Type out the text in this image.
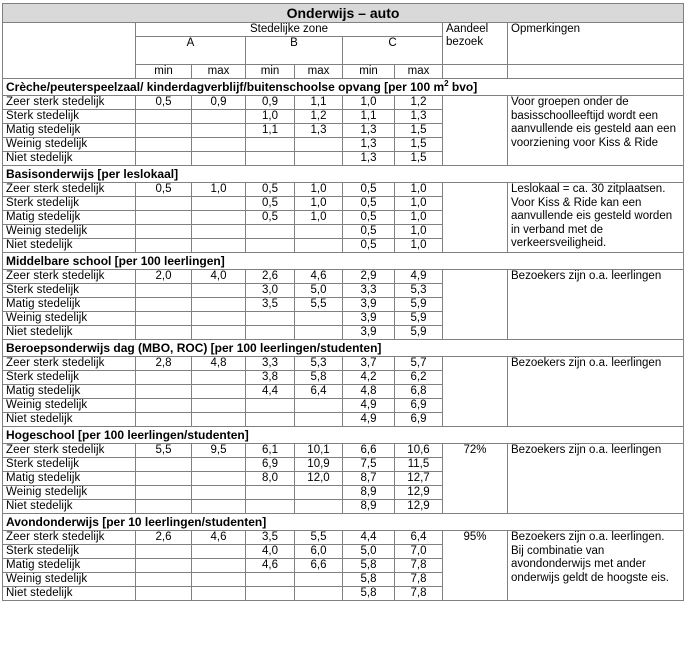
Onderwijs – auto								
	Stedelijke zone						Aandeel
bezoek	Opmerkingen
	A		B		C			
	min	max	min	max	min	max		
Crèche/peuterspeelzaal/ kinderdagverblijf/buitenschoolse opvang [per 100 $m^2$ bvo]								
Zeer sterk stedelijk	0,5	0,9	0,9	1,1	1,0	1,2		Voor groepen onder de basisschoolleeftijd wordt een aanvullende eis gesteld aan een voorziening voor Kiss & Ride
Sterk stedelijk			1,0	1,2	1,1	1,3		
Matig stedelijk			1,1	1,3	1,3	1,5		
Weinig stedelijk					1,3	1,5		
Niet stedelijk					1,3	1,5		
Basisonderwijs [per leslokaal]								
Zeer sterk stedelijk	0,5	1,0	0,5	1,0	0,5	1,0		Leslokaal = ca. 30 zitplaatsen. Voor Kiss & Ride kan een aanvullende eis gesteld worden in verband met de verkeersveiligheid.
Sterk stedelijk			0,5	1,0	0,5	1,0		
Matig stedelijk			0,5	1,0	0,5	1,0		
Weinig stedelijk					0,5	1,0		
Niet stedelijk					0,5	1,0		
Middelbare school [per 100 leerlingen]								
Zeer sterk stedelijk	2,0	4,0	2,6	4,6	2,9	4,9		Bezoekers zijn o.a. leerlingen
Sterk stedelijk			3,0	5,0	3,3	5,3		
Matig stedelijk			3,5	5,5	3,9	5,9		
Weinig stedelijk					3,9	5,9		
Niet stedelijk					3,9	5,9		
Beroepsonderwijs dag (MBO, ROC) [per 100 leerlingen/studenten]								
Zeer sterk stedelijk	2,8	4,8	3,3	5,3	3,7	5,7		Bezoekers zijn o.a. leerlingen
Sterk stedelijk			3,8	5,8	4,2	6,2		
Matig stedelijk			4,4	6,4	4,8	6,8		
Weinig stedelijk					4,9	6,9		
Niet stedelijk					4,9	6,9		
Hogeschool [per 100 leerlingen/studenten]								
Zeer sterk stedelijk	5,5	9,5	6,1	10,1	6,6	10,6	72%	Bezoekers zijn o.a. leerlingen
Sterk stedelijk			6,9	10,9	7,5	11,5		
Matig stedelijk			8,0	12,0	8,7	12,7		
Weinig stedelijk					8,9	12,9		
Niet stedelijk					8,9	12,9		
Avondonderwijs [per 10 leerlingen/studenten]								
Zeer sterk stedelijk	2,6	4,6	3,5	5,5	4,4	6,4	95%	Bezoekers zijn o.a. leerlingen. Bij combinatie van avondonderwijs met ander onderwijs geldt de hoogste eis.
Sterk stedelijk			4,0	6,0	5,0	7,0		
Matig stedelijk			4,6	6,6	5,8	7,8		
Weinig stedelijk					5,8	7,8		
Niet stedelijk					5,8	7,8		
